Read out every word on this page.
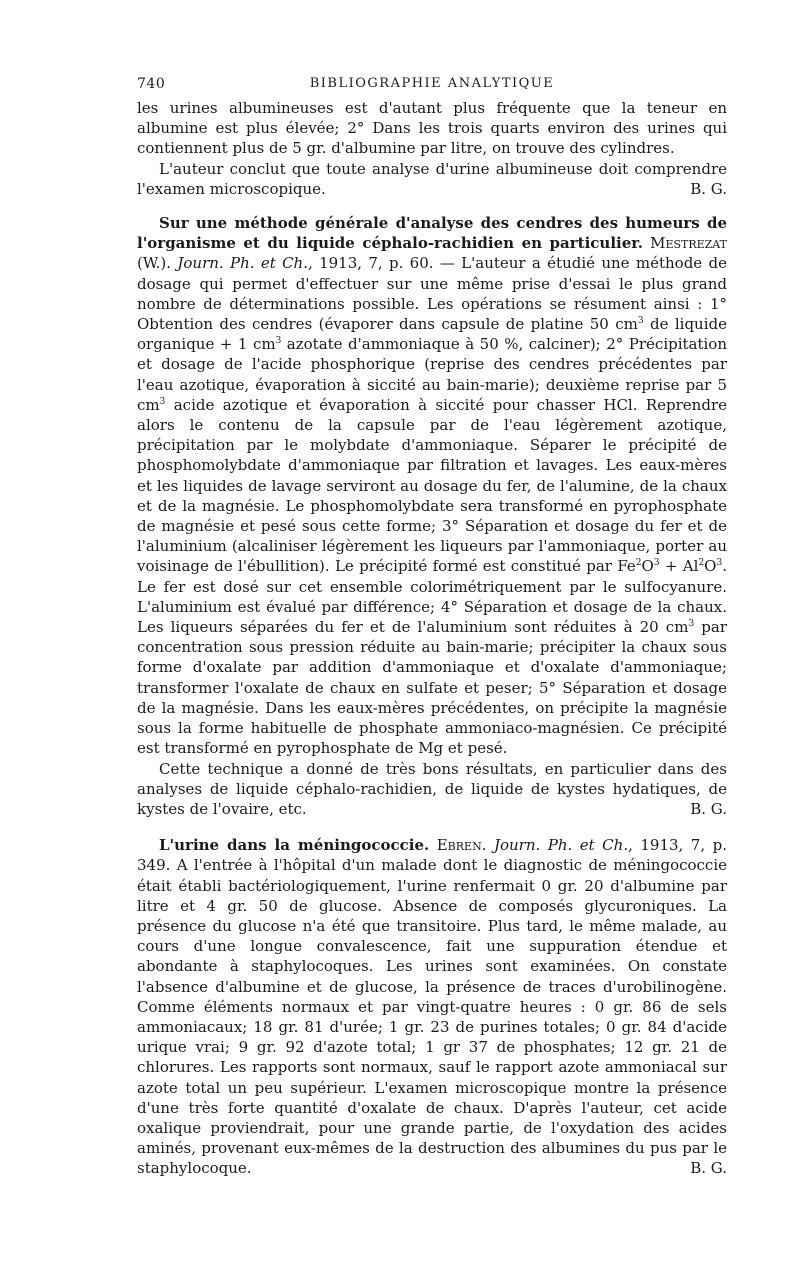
740	BIBLIOGRAPHIE ANALYTIQUE

les urines albumineuses est d'autant plus fréquente que la teneur en albumine est plus élevée; 2° Dans les trois quarts environ des urines qui contiennent plus de 5 gr. d'albumine par litre, on trouve des cylindres.

L'auteur conclut que toute analyse d'urine albumineuse doit comprendre l'examen microscopique.	B. G.

Sur une méthode générale d'analyse des cendres des humeurs de l'organisme et du liquide céphalo-rachidien en particulier. Mestrezat (W.). Journ. Ph. et Ch., 1913, 7, p. 60. — L'auteur a étudié une méthode de dosage qui permet d'effectuer sur une même prise d'essai le plus grand nombre de déterminations possible. Les opérations se résument ainsi : 1° Obtention des cendres (évaporer dans capsule de platine 50 $cm^3$ de liquide organique + 1 $cm^3$ azotate d'ammoniaque à 50 %, calciner); 2° Précipitation et dosage de l'acide phosphorique (reprise des cendres précédentes par l'eau azotique, évaporation à siccité au bain-marie); deuxième reprise par 5 $cm^3$ acide azotique et évaporation à siccité pour chasser HCl. Reprendre alors le contenu de la capsule par de l'eau légèrement azotique, précipitation par le molybdate d'ammoniaque. Séparer le précipité de phosphomolybdate d'ammoniaque par filtration et lavages. Les eaux-mères et les liquides de lavage serviront au dosage du fer, de l'alumine, de la chaux et de la magnésie. Le phosphomolybdate sera transformé en pyrophosphate de magnésie et pesé sous cette forme; 3° Séparation et dosage du fer et de l'aluminium (alcaliniser légèrement les liqueurs par l'ammoniaque, porter au voisinage de l'ébullition). Le précipité formé est constitué par $Fe^2O^3 + Al^2O^3$. Le fer est dosé sur cet ensemble colorimétriquement par le sulfocyanure. L'aluminium est évalué par différence; 4° Séparation et dosage de la chaux. Les liqueurs séparées du fer et de l'aluminium sont réduites à 20 $cm^3$ par concentration sous pression réduite au bain-marie; précipiter la chaux sous forme d'oxalate par addition d'ammoniaque et d'oxalate d'ammoniaque; transformer l'oxalate de chaux en sulfate et peser; 5° Séparation et dosage de la magnésie. Dans les eaux-mères précédentes, on précipite la magnésie sous la forme habituelle de phosphate ammoniaco-magnésien. Ce précipité est transformé en pyrophosphate de Mg et pesé.

Cette technique a donné de très bons résultats, en particulier dans des analyses de liquide céphalo-rachidien, de liquide de kystes hydatiques, de kystes de l'ovaire, etc.	B. G.

L'urine dans la méningococcie. Ebren. Journ. Ph. et Ch., 1913, 7, p. 349. A l'entrée à l'hôpital d'un malade dont le diagnostic de méningococcie était établi bactériologiquement, l'urine renfermait 0 gr. 20 d'albumine par litre et 4 gr. 50 de glucose. Absence de composés glycuroniques. La présence du glucose n'a été que transitoire. Plus tard, le même malade, au cours d'une longue convalescence, fait une suppuration étendue et abondante à staphylocoques. Les urines sont examinées. On constate l'absence d'albumine et de glucose, la présence de traces d'urobilinogène. Comme éléments normaux et par vingt-quatre heures : 0 gr. 86 de sels ammoniacaux; 18 gr. 81 d'urée; 1 gr. 23 de purines totales; 0 gr. 84 d'acide urique vrai; 9 gr. 92 d'azote total; 1 gr 37 de phosphates; 12 gr. 21 de chlorures. Les rapports sont normaux, sauf le rapport azote ammoniacal sur azote total un peu supérieur. L'examen microscopique montre la présence d'une très forte quantité d'oxalate de chaux. D'après l'auteur, cet acide oxalique proviendrait, pour une grande partie, de l'oxydation des acides aminés, provenant eux-mêmes de la destruction des albumines du pus par le staphylocoque.	B. G.
